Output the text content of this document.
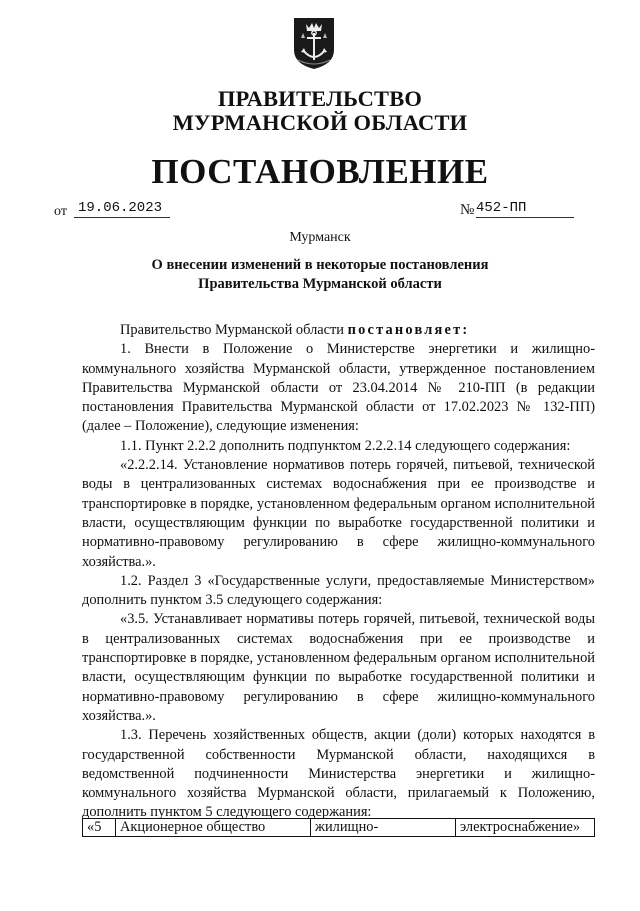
ПРАВИТЕЛЬСТВО
МУРМАНСКОЙ ОБЛАСТИ
ПОСТАНОВЛЕНИЕ
от 19.06.2023	№ 452-ПП
Мурманск
О внесении изменений в некоторые постановления
Правительства Мурманской области

Правительство Мурманской области постановляет:

1. Внести в Положение о Министерстве энергетики и жилищно-коммунального хозяйства Мурманской области, утвержденное постановлением Правительства Мурманской области от 23.04.2014 № 210-ПП (в редакции постановления Правительства Мурманской области от 17.02.2023 № 132-ПП) (далее – Положение), следующие изменения:

1.1. Пункт 2.2.2 дополнить подпунктом 2.2.2.14 следующего содержания:

«2.2.2.14. Установление нормативов потерь горячей, питьевой, технической воды в централизованных системах водоснабжения при ее производстве и транспортировке в порядке, установленном федеральным органом исполнительной власти, осуществляющим функции по выработке государственной политики и нормативно-правовому регулированию в сфере жилищно-коммунального хозяйства.».

1.2. Раздел 3 «Государственные услуги, предоставляемые Министерством» дополнить пунктом 3.5 следующего содержания:

«3.5. Устанавливает нормативы потерь горячей, питьевой, технической воды в централизованных системах водоснабжения при ее производстве и транспортировке в порядке, установленном федеральным органом исполнительной власти, осуществляющим функции по выработке государственной политики и нормативно-правовому регулированию в сфере жилищно-коммунального хозяйства.».

1.3. Перечень хозяйственных обществ, акции (доли) которых находятся в государственной собственности Мурманской области, находящихся в ведомственной подчиненности Министерства энергетики и жилищно-коммунального хозяйства Мурманской области, прилагаемый к Положению, дополнить пунктом 5 следующего содержания:

«5	Акционерное общество	жилищно-	электроснабжение»
